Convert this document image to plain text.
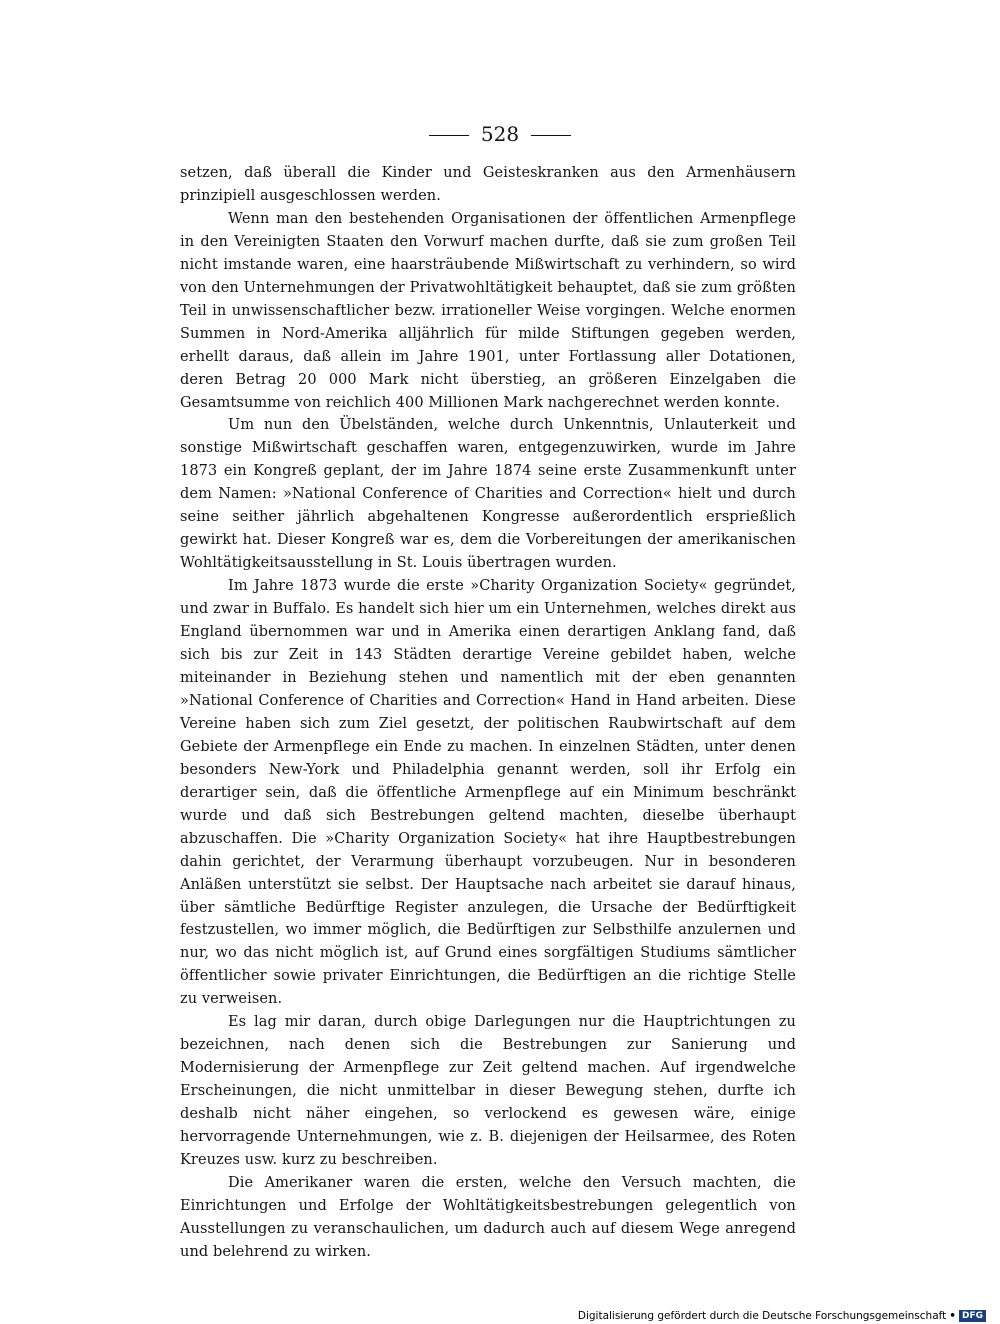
528

setzen, daß überall die Kinder und Geisteskranken aus den Armenhäusern prinzipiell ausgeschlossen werden.

Wenn man den bestehenden Organisationen der öffentlichen Armenpflege in den Vereinigten Staaten den Vorwurf machen durfte, daß sie zum großen Teil nicht imstande waren, eine haarsträubende Mißwirtschaft zu verhindern, so wird von den Unternehmungen der Privatwohltätigkeit behauptet, daß sie zum größten Teil in unwissenschaftlicher bezw. irrationeller Weise vorgingen. Welche enormen Summen in Nord-Amerika alljährlich für milde Stiftungen gegeben werden, erhellt daraus, daß allein im Jahre 1901, unter Fortlassung aller Dotationen, deren Betrag 20 000 Mark nicht überstieg, an größeren Einzelgaben die Gesamtsumme von reichlich 400 Millionen Mark nachgerechnet werden konnte.

Um nun den Übelständen, welche durch Unkenntnis, Unlauterkeit und sonstige Mißwirtschaft geschaffen waren, entgegenzuwirken, wurde im Jahre 1873 ein Kongreß geplant, der im Jahre 1874 seine erste Zusammenkunft unter dem Namen: »National Conference of Charities and Correction« hielt und durch seine seither jährlich abgehaltenen Kongresse außerordentlich ersprießlich gewirkt hat. Dieser Kongreß war es, dem die Vorbereitungen der amerikanischen Wohltätigkeitsausstellung in St. Louis übertragen wurden.

Im Jahre 1873 wurde die erste »Charity Organization Society« gegründet, und zwar in Buffalo. Es handelt sich hier um ein Unternehmen, welches direkt aus England übernommen war und in Amerika einen derartigen Anklang fand, daß sich bis zur Zeit in 143 Städten derartige Vereine gebildet haben, welche miteinander in Beziehung stehen und namentlich mit der eben genannten »National Conference of Charities and Correction« Hand in Hand arbeiten. Diese Vereine haben sich zum Ziel gesetzt, der politischen Raubwirtschaft auf dem Gebiete der Armenpflege ein Ende zu machen. In einzelnen Städten, unter denen besonders New-York und Philadelphia genannt werden, soll ihr Erfolg ein derartiger sein, daß die öffentliche Armenpflege auf ein Minimum beschränkt wurde und daß sich Bestrebungen geltend machten, dieselbe überhaupt abzuschaffen. Die »Charity Organization Society« hat ihre Hauptbestrebungen dahin gerichtet, der Verarmung überhaupt vorzubeugen. Nur in besonderen Anläßen unterstützt sie selbst. Der Hauptsache nach arbeitet sie darauf hinaus, über sämtliche Bedürftige Register anzulegen, die Ursache der Bedürftigkeit festzustellen, wo immer möglich, die Bedürftigen zur Selbsthilfe anzulernen und nur, wo das nicht möglich ist, auf Grund eines sorgfältigen Studiums sämtlicher öffentlicher sowie privater Einrichtungen, die Bedürftigen an die richtige Stelle zu verweisen.

Es lag mir daran, durch obige Darlegungen nur die Hauptrichtungen zu bezeichnen, nach denen sich die Bestrebungen zur Sanierung und Modernisierung der Armenpflege zur Zeit geltend machen. Auf irgendwelche Erscheinungen, die nicht unmittelbar in dieser Bewegung stehen, durfte ich deshalb nicht näher eingehen, so verlockend es gewesen wäre, einige hervorragende Unternehmungen, wie z. B. diejenigen der Heilsarmee, des Roten Kreuzes usw. kurz zu beschreiben.

Die Amerikaner waren die ersten, welche den Versuch machten, die Einrichtungen und Erfolge der Wohltätigkeitsbestrebungen gelegentlich von Ausstellungen zu veranschaulichen, um dadurch auch auf diesem Wege anregend und belehrend zu wirken.

Digitalisierung gefördert durch die Deutsche Forschungsgemeinschaft • DFG
